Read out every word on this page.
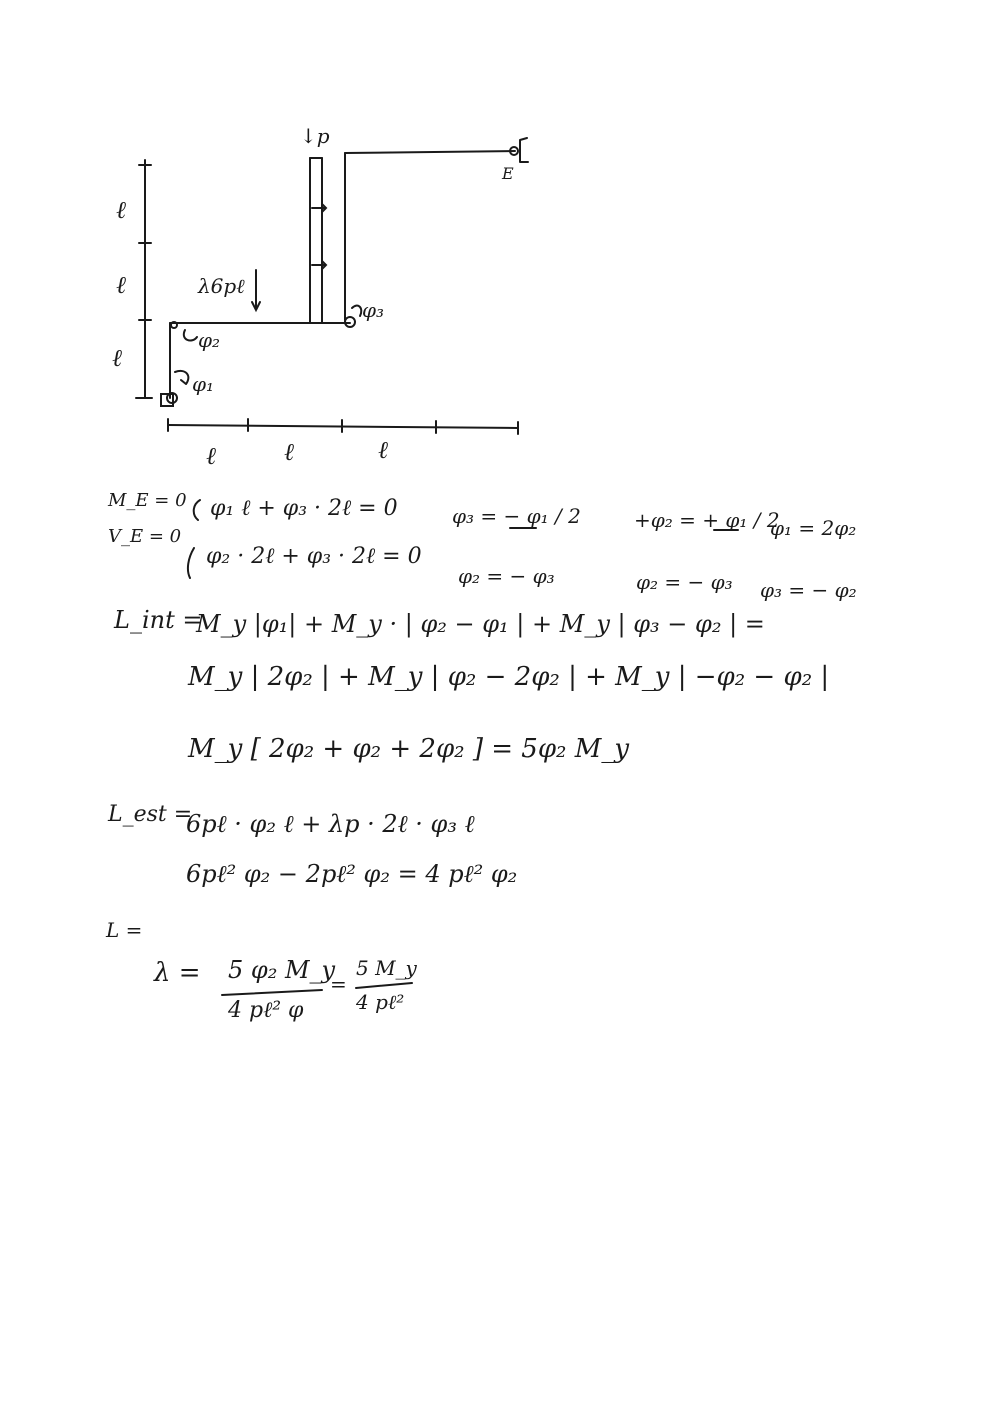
↓p
E
λ6pℓ
φ₃
φ₂
φ₁
ℓ
ℓ
ℓ
ℓ	ℓ	ℓ
M_E = 0
V_E = 0
φ₁ ℓ + φ₃ · 2ℓ = 0
φ₂ · 2ℓ + φ₃ · 2ℓ = 0
φ₃ = − φ₁ / 2
φ₂ = − φ₃
+φ₂ = + φ₁ / 2
φ₁ = 2φ₂
φ₂ = − φ₃ φ₃ = − φ₂
L_int =
M_y |φ₁| + M_y · | φ₂ − φ₁ | + M_y | φ₃ − φ₂ | =
M_y | 2φ₂ | + M_y | φ₂ − 2φ₂ | + M_y | −φ₂ − φ₂ |
M_y [ 2φ₂ + φ₂ + 2φ₂ ] = 5φ₂ M_y
L_est =
6pℓ · φ₂ ℓ + λp · 2ℓ · φ₃ ℓ
6pℓ² φ₂ − 2pℓ² φ₂ = 4 pℓ² φ₂
L =
λ = 5 φ₂ M_y
4 pℓ² φ
=
5 M_y
4 pℓ²
